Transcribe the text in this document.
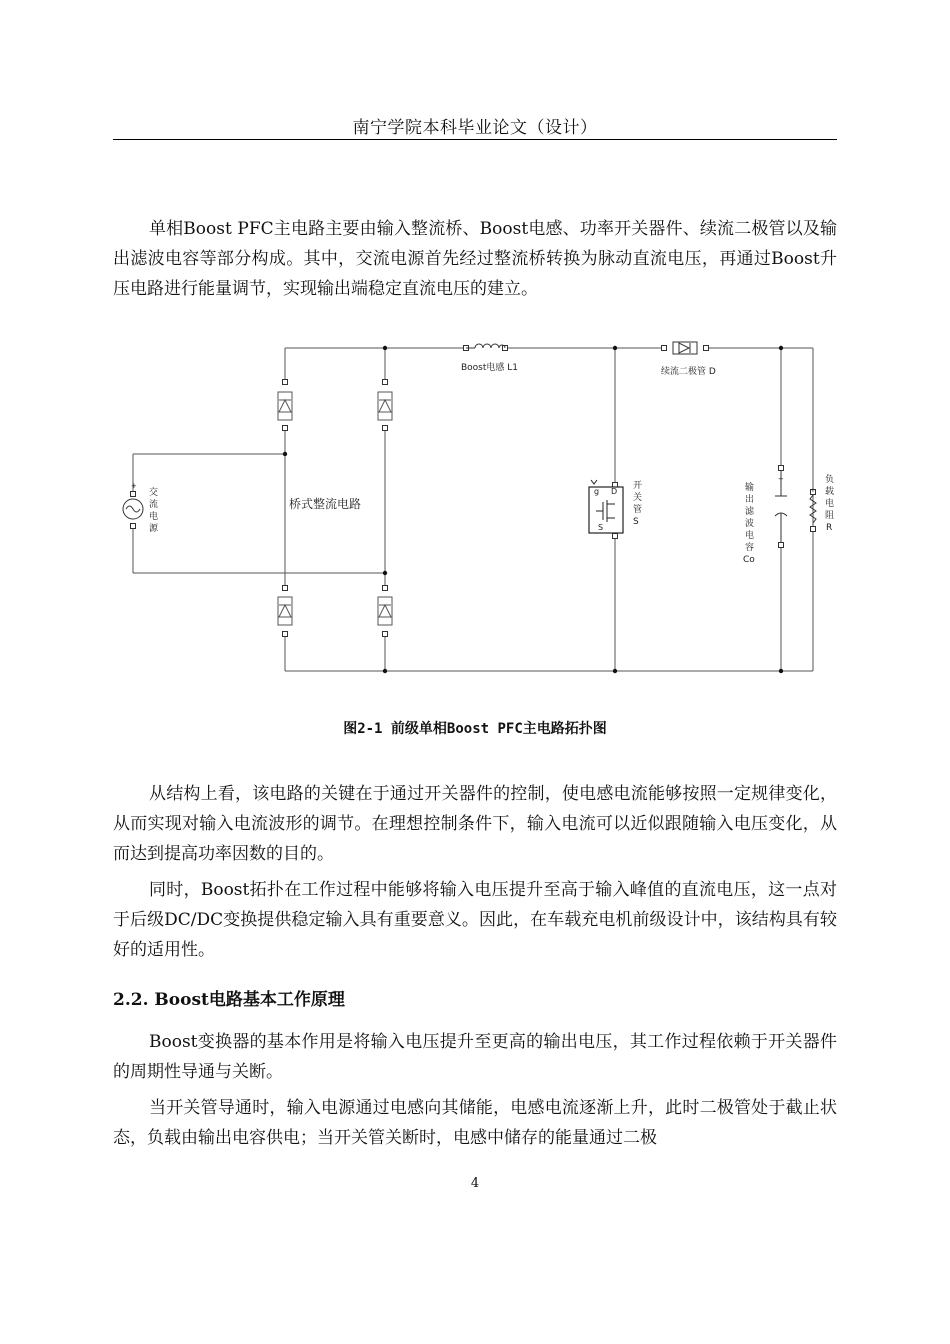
南宁学院本科毕业论文（设计）

单相Boost PFC主电路主要由输入整流桥、Boost电感、功率开关器件、续流二极管以及输出滤波电容等部分构成。其中，交流电源首先经过整流桥转换为脉动直流电压，再通过Boost升压电路进行能量调节，实现输出端稳定直流电压的建立。

+
交 流 电 源
桥式整流电路
Boost电感 L1	续流二极管 D
g D
S
开 关 管 S
+
输 出 滤 波 电 容 Co
+
负 载 电 阻 R
图2-1 前级单相Boost PFC主电路拓扑图

从结构上看，该电路的关键在于通过开关器件的控制，使电感电流能够按照一定规律变化，从而实现对输入电流波形的调节。在理想控制条件下，输入电流可以近似跟随输入电压变化，从而达到提高功率因数的目的。

同时，Boost拓扑在工作过程中能够将输入电压提升至高于输入峰值的直流电压，这一点对于后级DC/DC变换提供稳定输入具有重要意义。因此，在车载充电机前级设计中，该结构具有较好的适用性。

2.2. Boost电路基本工作原理

Boost变换器的基本作用是将输入电压提升至更高的输出电压，其工作过程依赖于开关器件的周期性导通与关断。

当开关管导通时，输入电源通过电感向其储能，电感电流逐渐上升，此时二极管处于截止状态，负载由输出电容供电；当开关管关断时，电感中储存的能量通过二极

4
